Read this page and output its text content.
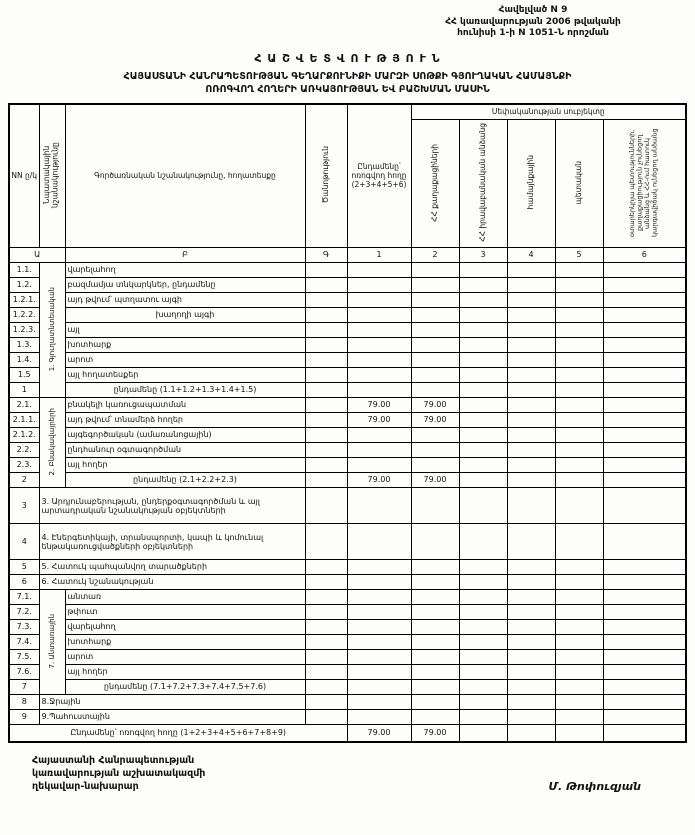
Հավելված N 9
ՀՀ կառավարության 2006 թվականի
հունիսի 1-ի N 1051-Ն որոշման
Հ Ա Շ Վ Ե Տ Վ Ո Ւ Թ Յ Ո Ւ Ն
ՀԱՅԱՍՏԱՆԻ ՀԱՆՐԱՊԵՏՈՒԹՅԱՆ ԳԵՂԱՐՔՈՒՆԻՔԻ ՄԱՐԶԻ ՍՈԹՔԻ ԳՅՈՒՂԱԿԱՆ ՀԱՄԱՅՆՔԻ
ՈՌՈԳՎՈՂ ՀՈՂԵՐԻ ԱՌԿԱՅՈՒԹՅԱՆ ԵՎ ԲԱՇԽՄԱՆ ՄԱՍԻՆ
NN ը/կ	Նպատակային նշանակությունը	Գործառնական նշանակությունը, հողատեսքը	Ծանոթություն	Ընդամենը՝ ոռոգվող հողը (2+3+4+5+6)	Սեփականության սուբյեկտը				
					ՀՀ քաղաքացիների	ՀՀ իրավաբանական անձանց	համայնքային	պետական	օտարերկրյա պետությունների, քաղաքացիություն չունեցող անձանց և ՀՀ-ում հատուկ կարգավիճակ ունեցող անձանց
Ա		Բ	Գ	1	2	3	4	5	6
1.1.	1. Գյուղատնտեսական	վարելահող							
1.2.		բազմամյա տնկարկներ, ընդամենը							
1.2.1.		այդ թվում՝ պտղատու այգի							
1.2.2.		խաղողի այգի							
1.2.3.		այլ							
1.3.		խոտհարք							
1.4.		արոտ							
1.5		այլ հողատեսքեր							
1		ընդամենը (1.1+1.2+1.3+1.4+1.5)							
2.1.	2. Բնակավայրերի	բնակելի կառուցապատման		79.00	79.00				
2.1.1.		այդ թվում՝ տնամերձ հողեր		79.00	79.00				
2.1.2.		այգեգործական (ամառանոցային)							
2.2.		ընդհանուր օգտագործման							
2.3.		այլ հողեր							
2		ընդամենը (2.1+2.2+2.3)		79.00	79.00				
3	3. Արդյունաբերության, ընդերքօգտագործման և այլ արտադրական նշանակության օբյեկտների								
4	4. Էներգետիկայի, տրանսպորտի, կապի և կոմունալ ենթակառուցվածքների օբյեկտների								
5	5. Հատուկ պահպանվող տարածքների								
6	6. Հատուկ նշանակության								
7.1.	7. Անտառային	անտառ							
7.2.		թփուտ							
7.3.		վարելահող							
7.4.		խոտհարք							
7.5.		արոտ							
7.6.		այլ հողեր							
7		ընդամենը (7.1+7.2+7.3+7.4+7.5+7.6)							
8	8.Ջրային								
9	9.Պահուստային								
Ընդամենը՝ ոռոգվող հողը (1+2+3+4+5+6+7+8+9)				79.00	79.00				
Հայաստանի Հանրապետության
կառավարության աշխատակազմի
ղեկավար-նախարար	Մ. Թոփուզյան
